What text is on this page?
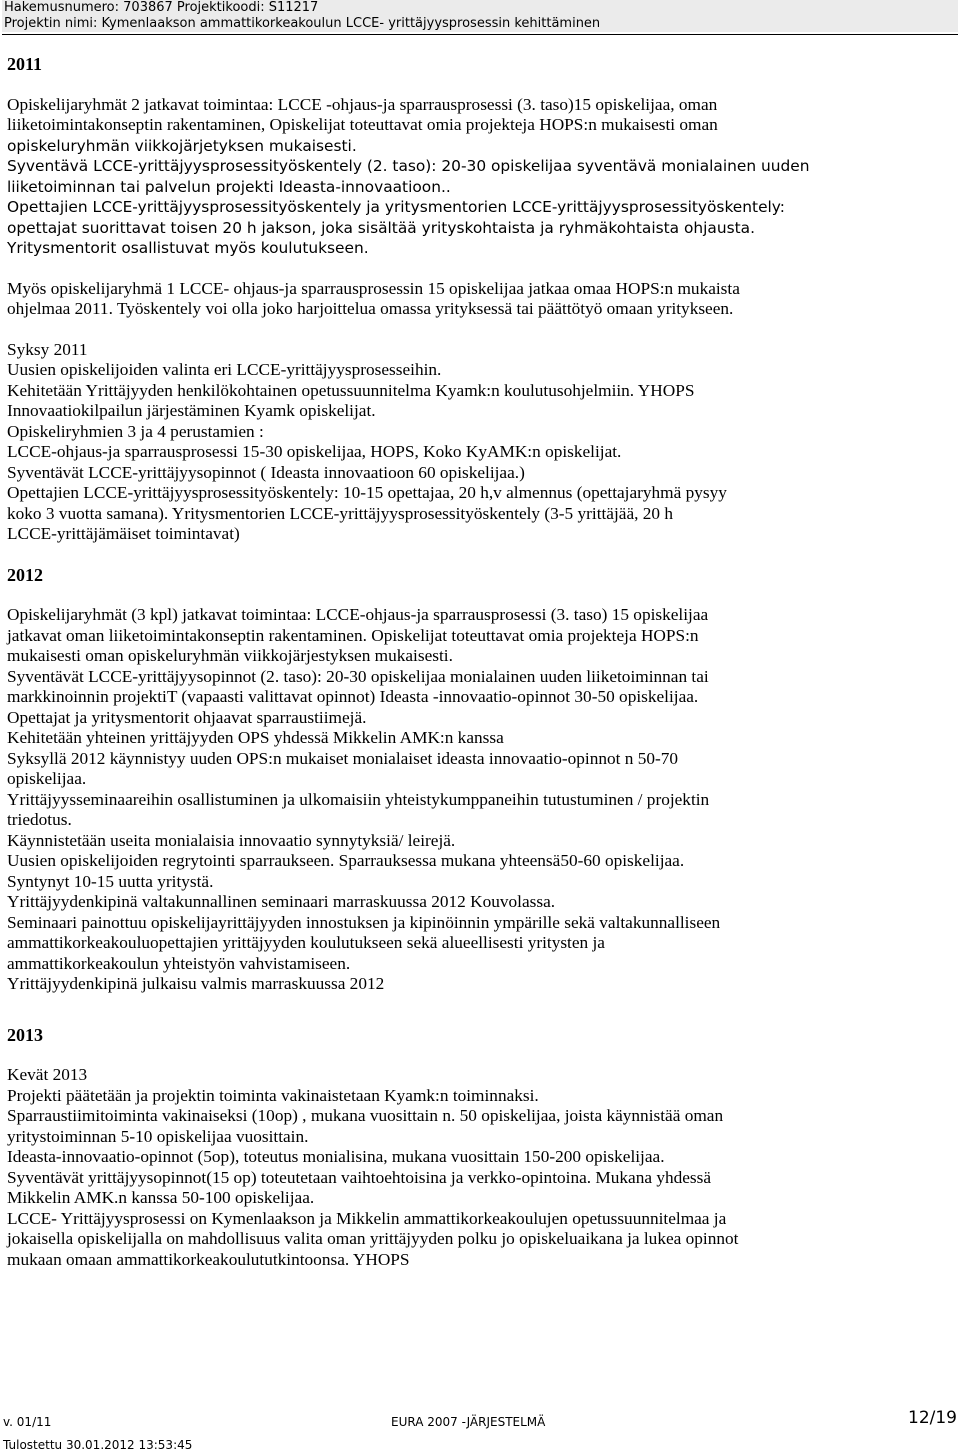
Hakemusnumero: 703867 Projektikoodi: S11217
Projektin nimi: Kymenlaakson ammattikorkeakoulun LCCE- yrittäjyysprosessin kehittäminen

2011

Opiskelijaryhmät 2 jatkavat toimintaa: LCCE -ohjaus-ja sparrausprosessi (3. taso)15 opiskelijaa, oman
liiketoimintakonseptin rakentaminen, Opiskelijat toteuttavat omia projekteja HOPS:n mukaisesti oman
opiskeluryhmän viikkojärjetyksen mukaisesti.
Syventävä LCCE-yrittäjyysprosessityöskentely (2. taso): 20-30 opiskelijaa syventävä monialainen uuden
liiketoiminnan tai palvelun projekti Ideasta-innovaatioon..
Opettajien LCCE-yrittäjyysprosessityöskentely ja yritysmentorien LCCE-yrittäjyysprosessityöskentely:
opettajat suorittavat toisen 20 h jakson, joka sisältää yrityskohtaista ja ryhmäkohtaista ohjausta.
Yritysmentorit osallistuvat myös koulutukseen.

Myös opiskelijaryhmä 1 LCCE- ohjaus-ja sparrausprosessin 15 opiskelijaa jatkaa omaa HOPS:n mukaista
ohjelmaa 2011. Työskentely voi olla joko harjoittelua omassa yrityksessä tai päättötyö omaan yritykseen.

Syksy 2011
Uusien opiskelijoiden valinta eri LCCE-yrittäjyysprosesseihin.
Kehitetään Yrittäjyyden henkilökohtainen opetussuunnitelma Kyamk:n koulutusohjelmiin. YHOPS
Innovaatiokilpailun järjestäminen Kyamk opiskelijat.
Opiskeliryhmien 3 ja 4 perustamien :
LCCE-ohjaus-ja sparrausprosessi 15-30 opiskelijaa, HOPS, Koko KyAMK:n opiskelijat.
Syventävät LCCE-yrittäjyysopinnot ( Ideasta innovaatioon 60 opiskelijaa.)
Opettajien LCCE-yrittäjyysprosessityöskentely: 10-15 opettajaa, 20 h,v almennus (opettajaryhmä pysyy
koko 3 vuotta samana). Yritysmentorien LCCE-yrittäjyysprosessityöskentely (3-5 yrittäjää, 20 h
LCCE-yrittäjämäiset toimintavat)

2012

Opiskelijaryhmät (3 kpl) jatkavat toimintaa: LCCE-ohjaus-ja sparrausprosessi (3. taso) 15 opiskelijaa
jatkavat oman liiketoimintakonseptin rakentaminen. Opiskelijat toteuttavat omia projekteja HOPS:n
mukaisesti oman opiskeluryhmän viikkojärjestyksen mukaisesti.
Syventävät LCCE-yrittäjyysopinnot (2. taso): 20-30 opiskelijaa monialainen uuden liiketoiminnan tai
markkinoinnin projektiT (vapaasti valittavat opinnot) Ideasta -innovaatio-opinnot 30-50 opiskelijaa.
Opettajat ja yritysmentorit ohjaavat sparraustiimejä.
Kehitetään yhteinen yrittäjyyden OPS yhdessä Mikkelin AMK:n kanssa
Syksyllä 2012 käynnistyy uuden OPS:n mukaiset monialaiset ideasta innovaatio-opinnot n 50-70
opiskelijaa.
Yrittäjyysseminaareihin osallistuminen ja ulkomaisiin yhteistykumppaneihin tutustuminen / projektin
triedotus.
Käynnistetään useita monialaisia innovaatio synnytyksiä/ leirejä.
Uusien opiskelijoiden regrytointi sparraukseen. Sparrauksessa mukana yhteensä50-60 opiskelijaa.
Syntynyt 10-15 uutta yritystä.
Yrittäjyydenkipinä valtakunnallinen seminaari marraskuussa 2012 Kouvolassa.
Seminaari painottuu opiskelijayrittäjyyden innostuksen ja kipinöinnin ympärille sekä valtakunnalliseen
ammattikorkeakouluopettajien yrittäjyyden koulutukseen sekä alueellisesti yritysten ja
ammattikorkeakoulun yhteistyön vahvistamiseen.
Yrittäjyydenkipinä julkaisu valmis marraskuussa 2012

2013

Kevät 2013
Projekti päätetään ja projektin toiminta vakinaistetaan Kyamk:n toiminnaksi.
Sparraustiimitoiminta vakinaiseksi (10op) , mukana vuosittain n. 50 opiskelijaa, joista käynnistää oman
yritystoiminnan 5-10 opiskelijaa vuosittain.
Ideasta-innovaatio-opinnot (5op), toteutus monialisina, mukana vuosittain 150-200 opiskelijaa.
Syventävät yrittäjyysopinnot(15 op) toteutetaan vaihtoehtoisina ja verkko-opintoina. Mukana yhdessä
Mikkelin AMK.n kanssa 50-100 opiskelijaa.
LCCE- Yrittäjyysprosessi on Kymenlaakson ja Mikkelin ammattikorkeakoulujen opetussuunnitelmaa ja
jokaisella opiskelijalla on mahdollisuus valita oman yrittäjyyden polku jo opiskeluaikana ja lukea opinnot
mukaan omaan ammattikorkeakoulututkintoonsa. YHOPS

v. 01/11	EURA 2007 -JÄRJESTELMÄ	12/19
Tulostettu 30.01.2012 13:53:45
